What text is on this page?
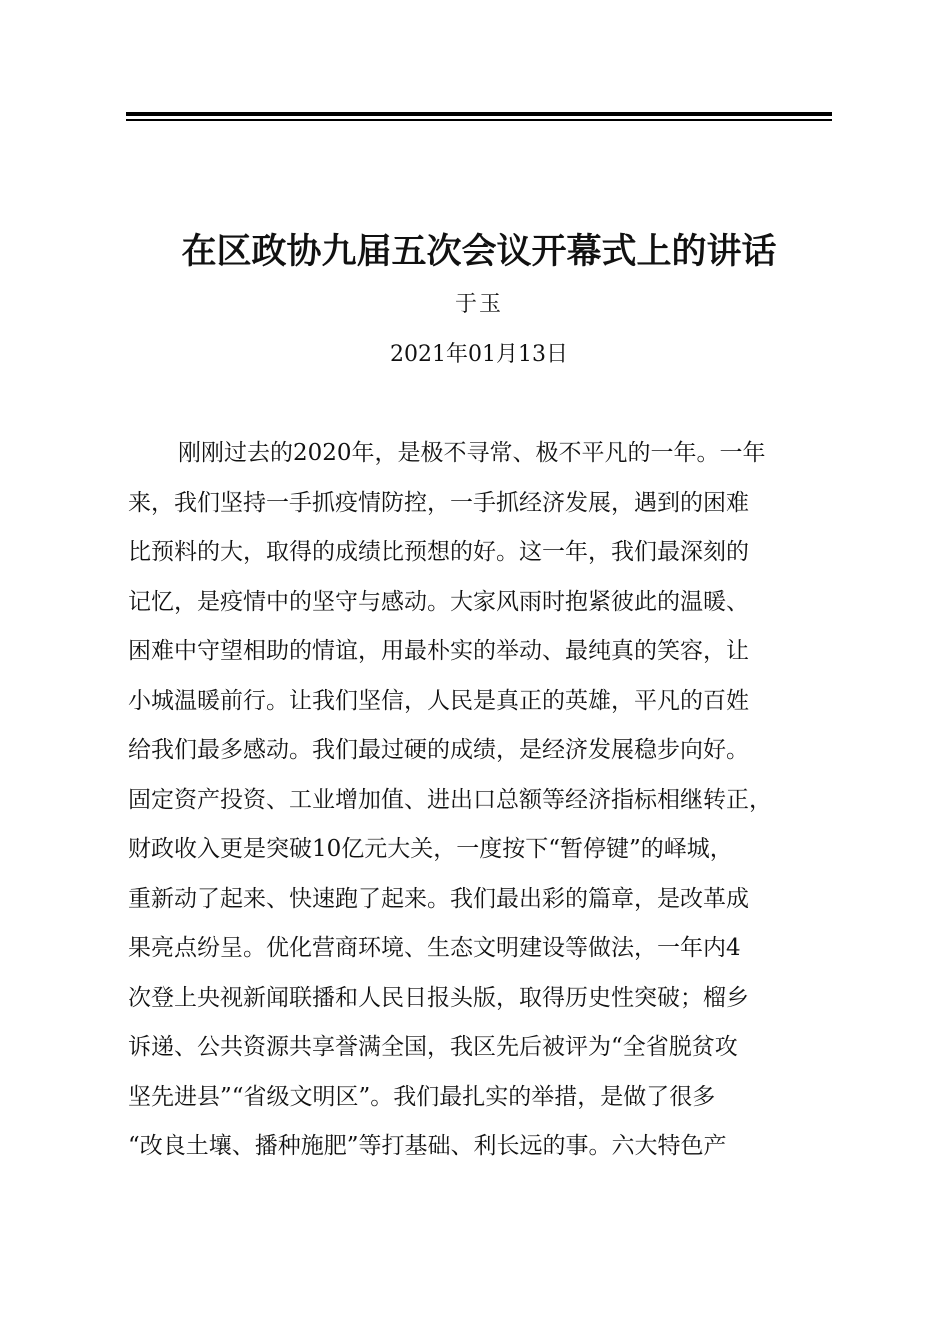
在区政协九届五次会议开幕式上的讲话
于玉
2021年01月13日
刚刚过去的2020年，是极不寻常、极不平凡的一年。一年
来，我们坚持一手抓疫情防控，一手抓经济发展，遇到的困难
比预料的大，取得的成绩比预想的好。这一年，我们最深刻的
记忆，是疫情中的坚守与感动。大家风雨时抱紧彼此的温暖、
困难中守望相助的情谊，用最朴实的举动、最纯真的笑容，让
小城温暖前行。让我们坚信，人民是真正的英雄，平凡的百姓
给我们最多感动。我们最过硬的成绩，是经济发展稳步向好。
固定资产投资、工业增加值、进出口总额等经济指标相继转正，
财政收入更是突破10亿元大关，一度按下“暂停键”的峄城，
重新动了起来、快速跑了起来。我们最出彩的篇章，是改革成
果亮点纷呈。优化营商环境、生态文明建设等做法，一年内4
次登上央视新闻联播和人民日报头版，取得历史性突破；榴乡
诉递、公共资源共享誉满全国，我区先后被评为“全省脱贫攻
坚先进县”“省级文明区”。我们最扎实的举措，是做了很多
“改良土壤、播种施肥”等打基础、利长远的事。六大特色产
